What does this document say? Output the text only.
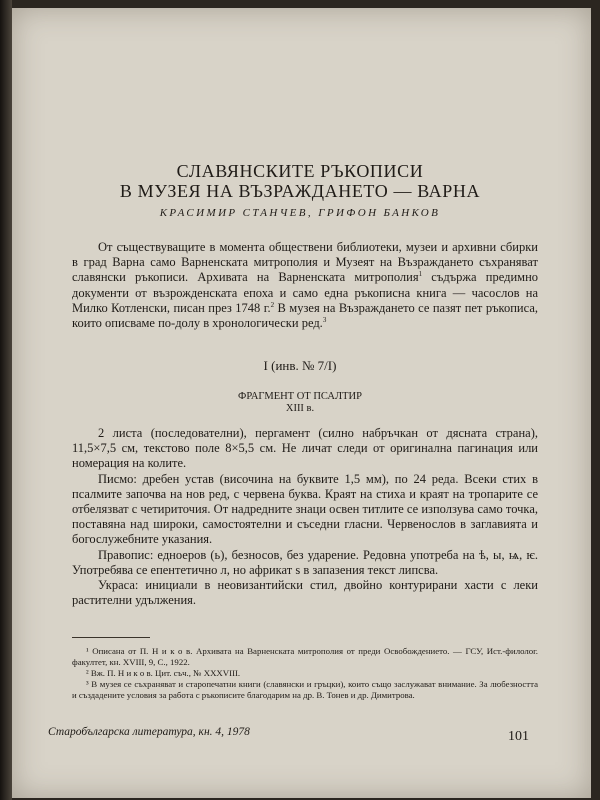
СЛАВЯНСКИТЕ РЪКОПИСИ
В МУЗЕЯ НА ВЪЗРАЖДАНЕТО — ВАРНА
КРАСИМИР СТАНЧЕВ, ГРИФОН БАНКОВ
От съществуващите в момента обществени библиотеки, музеи и архивни сбирки в град Варна само Варненската митрополия и Музеят на Възраждането съхраняват славянски ръкописи. Архивата на Варненската митрополия$^1$ съдържа предимно документи от възрожденската епоха и само една ръкописна книга — часослов на Милко Котленски, писан през 1748 г.$^2$ В музея на Възраждането се пазят пет ръкописа, които описваме по-долу в хронологически ред.$^3$
I (инв. № 7/I)
ФРАГМЕНТ ОТ ПСАЛТИР
XIII в.

2 листа (последователни), пергамент (силно набръчкан от дясната страна), 11,5×7,5 см, текстово поле 8×5,5 см. Не личат следи от оригинална пагинация или номерация на колите.

Писмо: дребен устав (височина на буквите 1,5 мм), по 24 реда. Всеки стих в псалмите започва на нов ред, с червена буква. Краят на стиха и краят на тропарите се отбелязват с четириточия. От надредните знаци освен титлите се използува само точка, поставяна над широки, самостоятелни и съседни гласни. Червенослов в заглавията и богослужебните указания.

Правопис: едноеров (ь), безносов, без ударение. Редовна употреба на ѣ, ы, ѩ, ѥ. Употребява се епентетично л, но африкат ѕ в запазения текст липсва.

Украса: инициали в неовизантийски стил, двойно контурирани хасти с леки растителни удължения.

¹ Описана от П. Н и к о в. Архивата на Варненската митрополия от преди Освобождението. — ГСУ, Ист.-филолог. факултет, кн. XVIII, 9, С., 1922.

² Вж. П. Н и к о в. Цит. съч., № XXXVIII.

³ В музея се съхраняват и старопечатни книги (славянски и гръцки), които също заслужават внимание. За любезността и създадените условия за работа с ръкописите благодарим на др. В. Тонев и др. Димитрова.

Старобългарска литература, кн. 4, 1978	101
